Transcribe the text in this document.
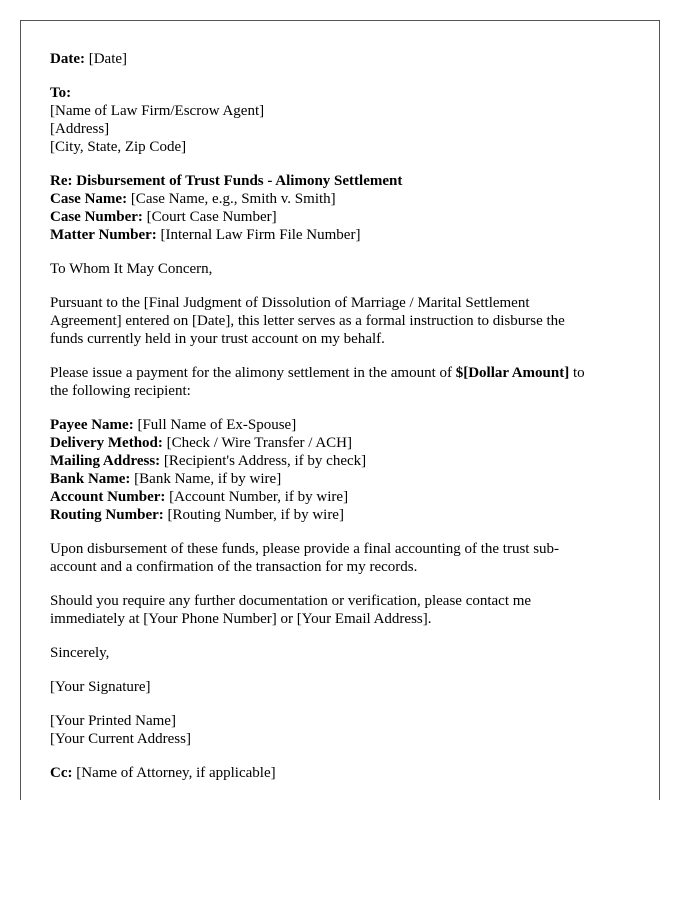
Date: [Date]
To:
[Name of Law Firm/Escrow Agent]
[Address]
[City, State, Zip Code]
Re: Disbursement of Trust Funds - Alimony Settlement
Case Name: [Case Name, e.g., Smith v. Smith]
Case Number: [Court Case Number]
Matter Number: [Internal Law Firm File Number]
To Whom It May Concern,
Pursuant to the [Final Judgment of Dissolution of Marriage / Marital Settlement
Agreement] entered on [Date], this letter serves as a formal instruction to disburse the
funds currently held in your trust account on my behalf.
Please issue a payment for the alimony settlement in the amount of $[Dollar Amount] to
the following recipient:
Payee Name: [Full Name of Ex-Spouse]
Delivery Method: [Check / Wire Transfer / ACH]
Mailing Address: [Recipient's Address, if by check]
Bank Name: [Bank Name, if by wire]
Account Number: [Account Number, if by wire]
Routing Number: [Routing Number, if by wire]
Upon disbursement of these funds, please provide a final accounting of the trust sub-
account and a confirmation of the transaction for my records.
Should you require any further documentation or verification, please contact me
immediately at [Your Phone Number] or [Your Email Address].
Sincerely,
[Your Signature]
[Your Printed Name]
[Your Current Address]
Cc: [Name of Attorney, if applicable]
